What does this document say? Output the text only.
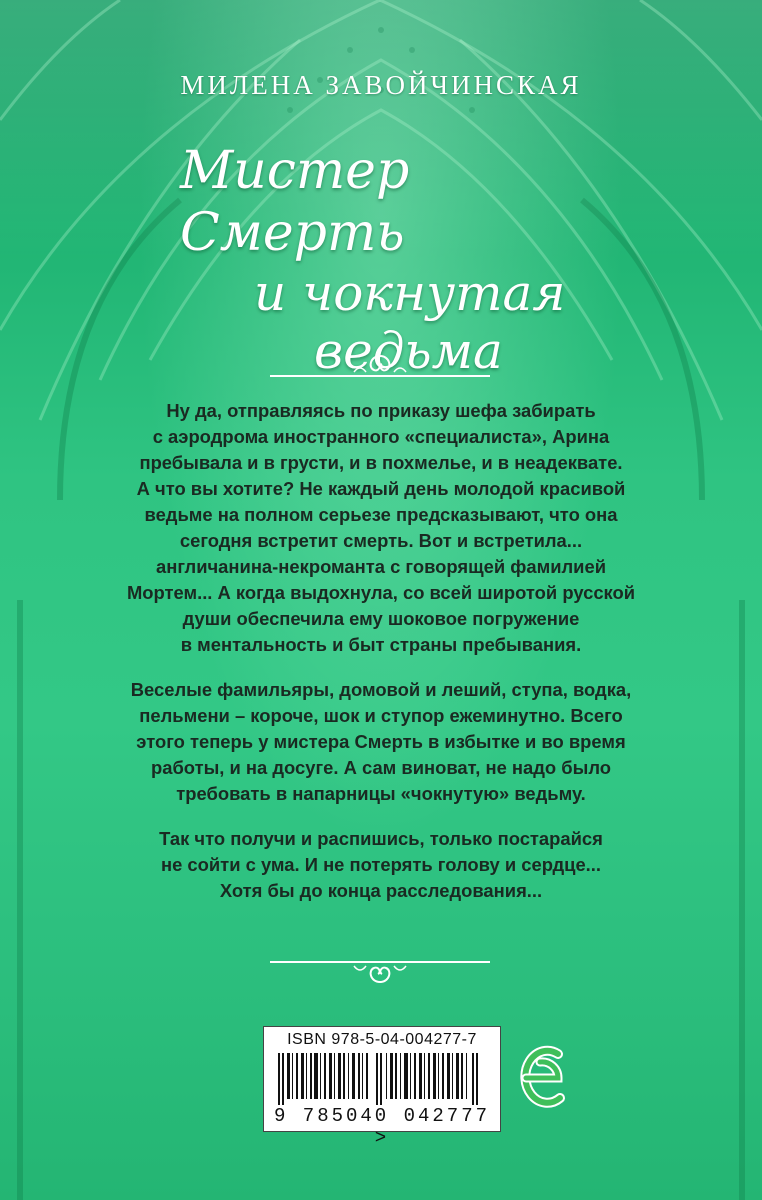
МИЛЕНА ЗАВОЙЧИНСКАЯ
Мистер Смерть
и чокнутая
ведьма

Ну да, отправляясь по приказу шефа забирать
с аэродрома иностранного «специалиста», Арина
пребывала и в грусти, и в похмелье, и в неадеквате.
А что вы хотите? Не каждый день молодой красивой
ведьме на полном серьезе предсказывают, что она
сегодня встретит смерть. Вот и встретила...
англичанина-некроманта с говорящей фамилией
Мортем... А когда выдохнула, со всей широтой русской
души обеспечила ему шоковое погружение
в ментальность и быт страны пребывания.

Веселые фамильяры, домовой и леший, ступа, водка,
пельмени – короче, шок и ступор ежеминутно. Всего
этого теперь у мистера Смерть в избытке и во время
работы, и на досуге. А сам виноват, не надо было
требовать в напарницы «чокнутую» ведьму.

Так что получи и распишись, только постарайся
не сойти с ума. И не потерять голову и сердце...
Хотя бы до конца расследования...

ISBN 978-5-04-004277-7
9 785040 042777 >
